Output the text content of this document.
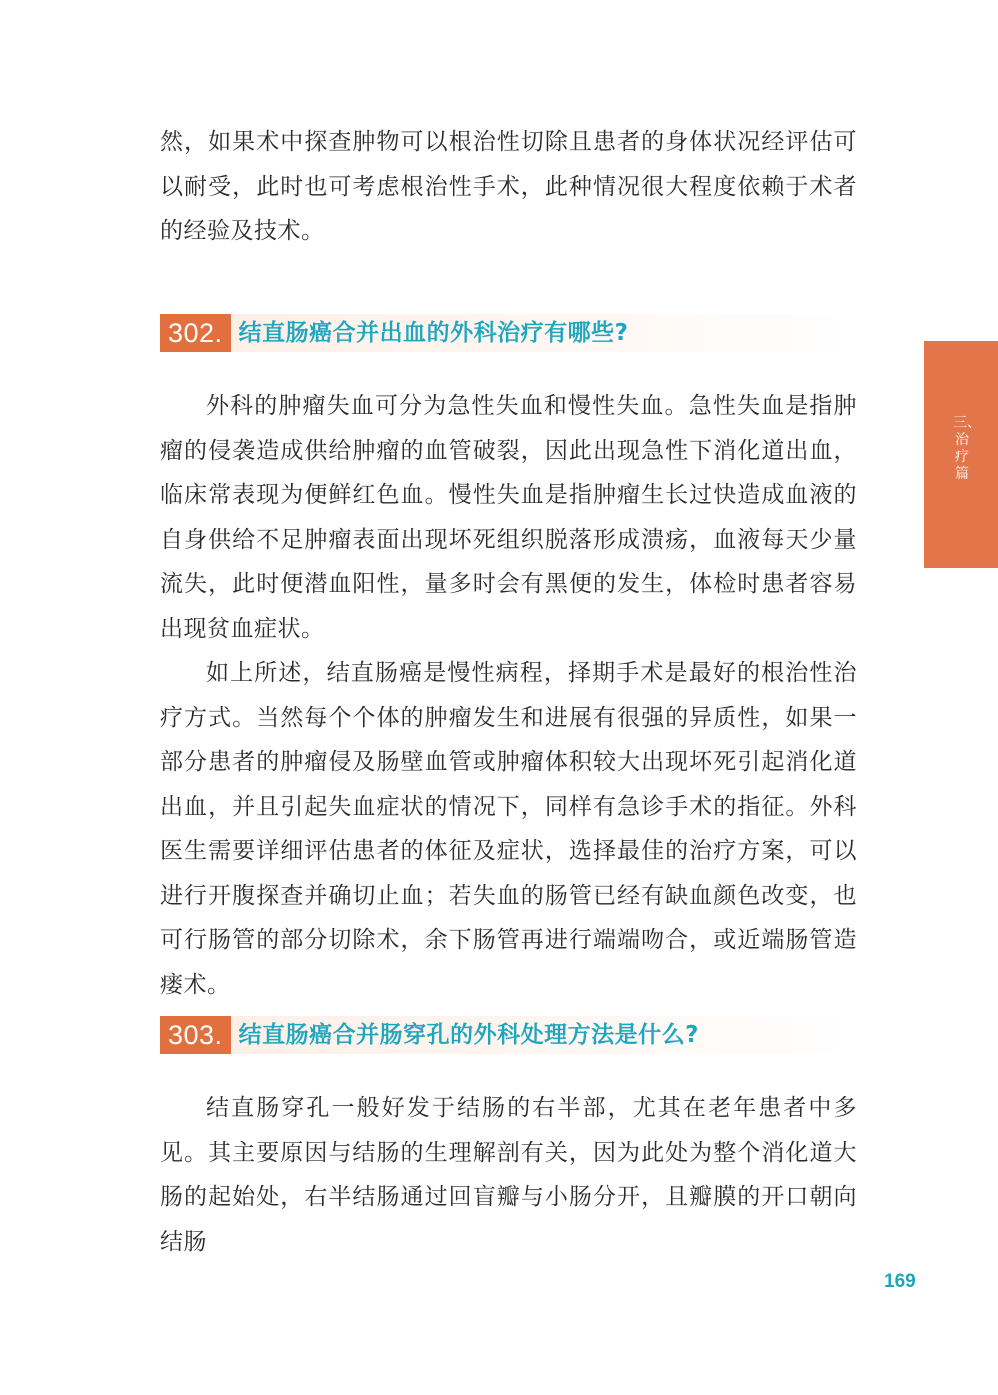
然，如果术中探查肿物可以根治性切除且患者的身体状况经评估可以耐受，此时也可考虑根治性手术，此种情况很大程度依赖于术者的经验及技术。

302. 结直肠癌合并出血的外科治疗有哪些?

外科的肿瘤失血可分为急性失血和慢性失血。急性失血是指肿瘤的侵袭造成供给肿瘤的血管破裂，因此出现急性下消化道出血，临床常表现为便鲜红色血。慢性失血是指肿瘤生长过快造成血液的自身供给不足肿瘤表面出现坏死组织脱落形成溃疡，血液每天少量流失，此时便潜血阳性，量多时会有黑便的发生，体检时患者容易出现贫血症状。

如上所述，结直肠癌是慢性病程，择期手术是最好的根治性治疗方式。当然每个个体的肿瘤发生和进展有很强的异质性，如果一部分患者的肿瘤侵及肠壁血管或肿瘤体积较大出现坏死引起消化道出血，并且引起失血症状的情况下，同样有急诊手术的指征。外科医生需要详细评估患者的体征及症状，选择最佳的治疗方案，可以进行开腹探查并确切止血；若失血的肠管已经有缺血颜色改变，也可行肠管的部分切除术，余下肠管再进行端端吻合，或近端肠管造瘘术。

303. 结直肠癌合并肠穿孔的外科处理方法是什么?

结直肠穿孔一般好发于结肠的右半部，尤其在老年患者中多见。其主要原因与结肠的生理解剖有关，因为此处为整个消化道大肠的起始处，右半结肠通过回盲瓣与小肠分开，且瓣膜的开口朝向结肠

三、治疗篇
169
